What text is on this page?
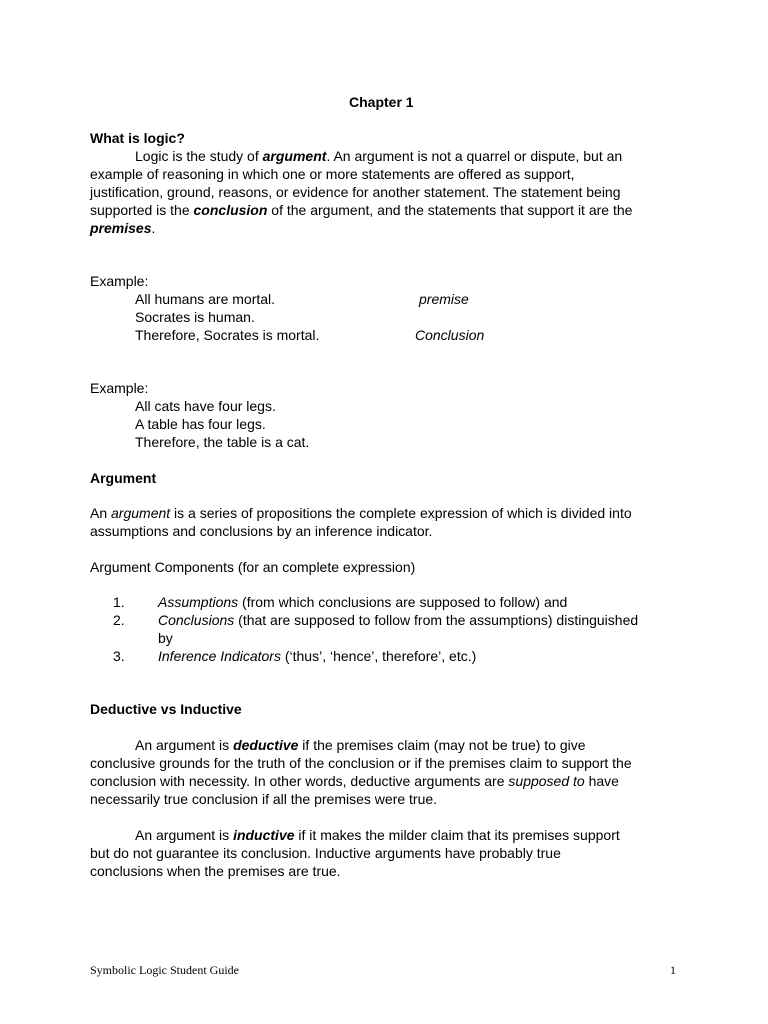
Chapter 1
What is logic?
Logic is the study of argument. An argument is not a quarrel or dispute, but an
example of reasoning in which one or more statements are offered as support,
justification, ground, reasons, or evidence for another statement. The statement being
supported is the conclusion of the argument, and the statements that support it are the
premises.
Example:
All humans are mortal.	premise
Socrates is human.
Therefore, Socrates is mortal.	Conclusion
Example:
All cats have four legs.
A table has four legs.
Therefore, the table is a cat.
Argument
An argument is a series of propositions the complete expression of which is divided into
assumptions and conclusions by an inference indicator.
Argument Components (for an complete expression)
1. Assumptions (from which conclusions are supposed to follow) and
2. Conclusions (that are supposed to follow from the assumptions) distinguished
by
3. Inference Indicators (‘thus’, ‘hence’, therefore’, etc.)
Deductive vs Inductive
An argument is deductive if the premises claim (may not be true) to give
conclusive grounds for the truth of the conclusion or if the premises claim to support the
conclusion with necessity. In other words, deductive arguments are supposed to have
necessarily true conclusion if all the premises were true.
An argument is inductive if it makes the milder claim that its premises support
but do not guarantee its conclusion. Inductive arguments have probably true
conclusions when the premises are true.
Symbolic Logic Student Guide	1
